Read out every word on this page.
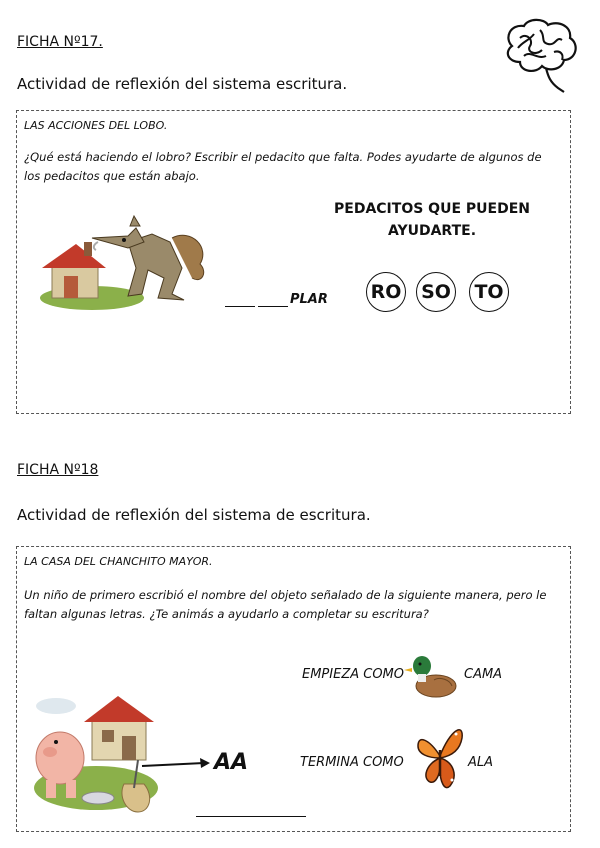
FICHA Nº17.
Actividad de reflexión del sistema escritura.
LAS ACCIONES DEL LOBO.
¿Qué está haciendo el lobro? Escribir el pedacito que falta. Podes ayudarte de algunos de los pedacitos que están abajo.
PLAR
PEDACITOS QUE PUEDEN
AYUDARTE.
RO SO TO
FICHA Nº18
Actividad de reflexión del sistema de escritura.
LA CASA DEL CHANCHITO MAYOR.
Un niño de primero escribió el nombre del objeto señalado de la siguiente manera, pero le faltan algunas letras. ¿Te animás a ayudarlo a completar su escritura?
AA
EMPIEZA COMO	CAMA
TERMINA COMO	ALA
